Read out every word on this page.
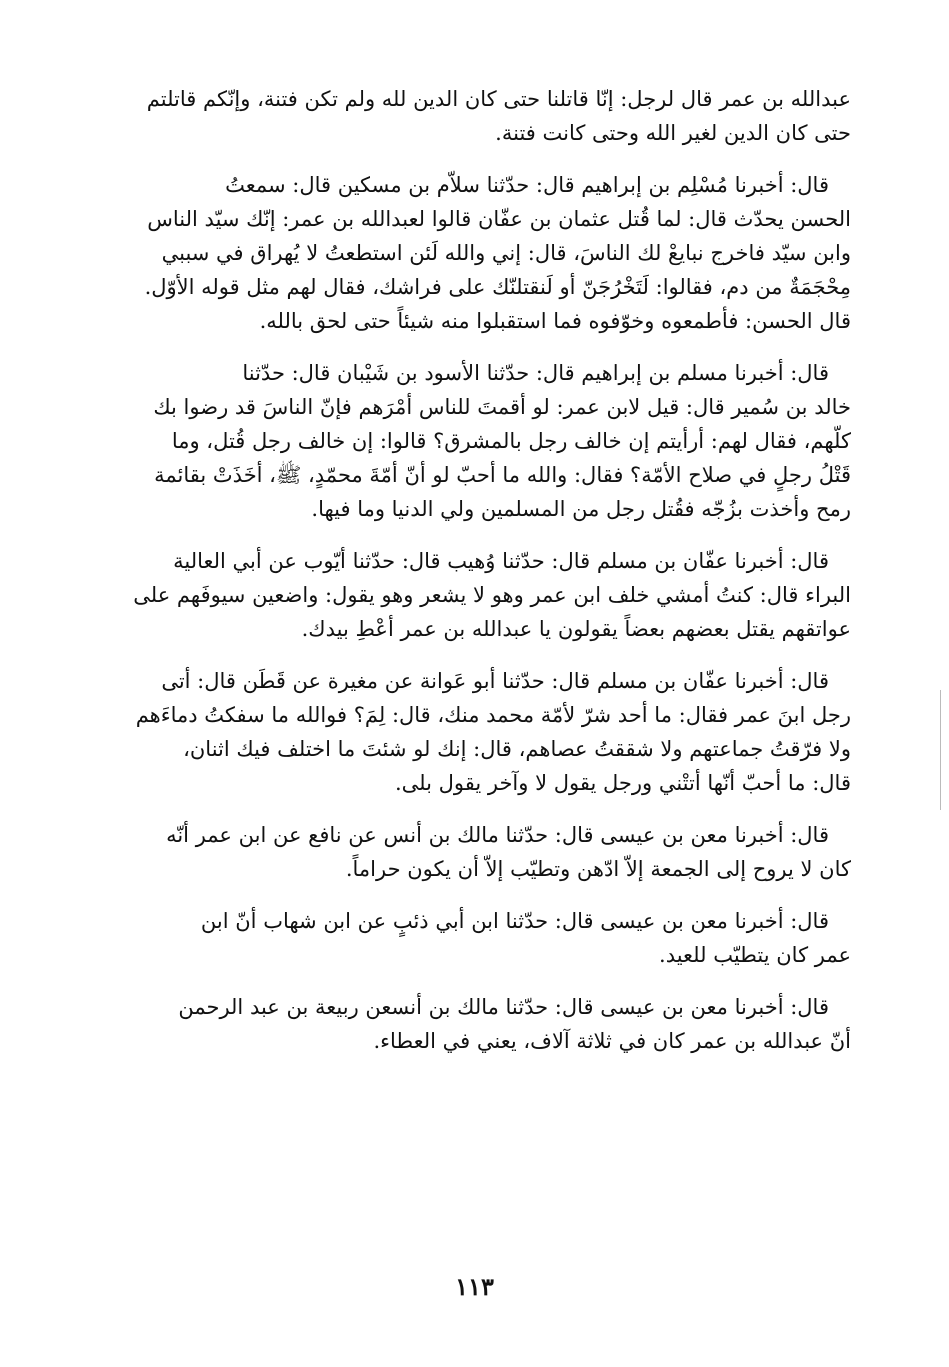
عبدالله بن عمر قال لرجل: إنّا قاتلنا حتى كان الدين لله ولم تكن فتنة، وإنّكم قاتلتم
حتى كان الدين لغير الله وحتى كانت فتنة.

قال: أخبرنا مُسْلِم بن إبراهيم قال: حدّثنا سلاّم بن مسكين قال: سمعتُ
الحسن يحدّث قال: لما قُتل عثمان بن عفّان قالوا لعبدالله بن عمر: إنّك سيّد الناس
وابن سيّد فاخرج نبايعْ لك الناسَ، قال: إني والله لَئن استطعتُ لا يُهراق في سببي
مِحْجَمَةٌ من دم، فقالوا: لَتَخْرُجَنّ أو لَنقتلنّك على فراشك، فقال لهم مثل قوله الأوّل.
قال الحسن: فأطمعوه وخوّفوه فما استقبلوا منه شيئاً حتى لحق بالله.

قال: أخبرنا مسلم بن إبراهيم قال: حدّثنا الأسود بن شَيْبان قال: حدّثنا
خالد بن سُمير قال: قيل لابن عمر: لو أقمتَ للناس أمْرَهم فإنّ الناسَ قد رضوا بك
كلّهم، فقال لهم: أرأيتم إن خالف رجل بالمشرق؟ قالوا: إن خالف رجل قُتل، وما
قَتْلُ رجلٍ في صلاح الأمّة؟ فقال: والله ما أحبّ لو أنّ أمّةَ محمّدٍ، ﷺ، أخَذَتْ بقائمة
رمح وأخذت بزُجّه فقُتل رجل من المسلمين ولي الدنيا وما فيها.

قال: أخبرنا عفّان بن مسلم قال: حدّثنا وُهيب قال: حدّثنا أيّوب عن أبي العالية
البراء قال: كنتُ أمشي خلف ابن عمر وهو لا يشعر وهو يقول: واضعين سيوفَهم على
عواتقهم يقتل بعضهم بعضاً يقولون يا عبدالله بن عمر أعْطِ بيدك.

قال: أخبرنا عفّان بن مسلم قال: حدّثنا أبو عَوانة عن مغيرة عن قَطَن قال: أتى
رجل ابنَ عمر فقال: ما أحد شرّ لأمّة محمد منك، قال: لِمَ؟ فوالله ما سفكتُ دماءَهم
ولا فرّقتُ جماعتهم ولا شققتُ عصاهم، قال: إنك لو شئتَ ما اختلف فيك اثنان،
قال: ما أحبّ أنّها أتتْني ورجل يقول لا وآخر يقول بلى.

قال: أخبرنا معن بن عيسى قال: حدّثنا مالك بن أنس عن نافع عن ابن عمر أنّه
كان لا يروح إلى الجمعة إلاّ ادّهن وتطيّب إلاّ أن يكون حراماً.

قال: أخبرنا معن بن عيسى قال: حدّثنا ابن أبي ذئبٍ عن ابن شهاب أنّ ابن
عمر كان يتطيّب للعيد.

قال: أخبرنا معن بن عيسى قال: حدّثنا مالك بن أنسعن ربيعة بن عبد الرحمن
أنّ عبدالله بن عمر كان في ثلاثة آلاف، يعني في العطاء.

١١٣
